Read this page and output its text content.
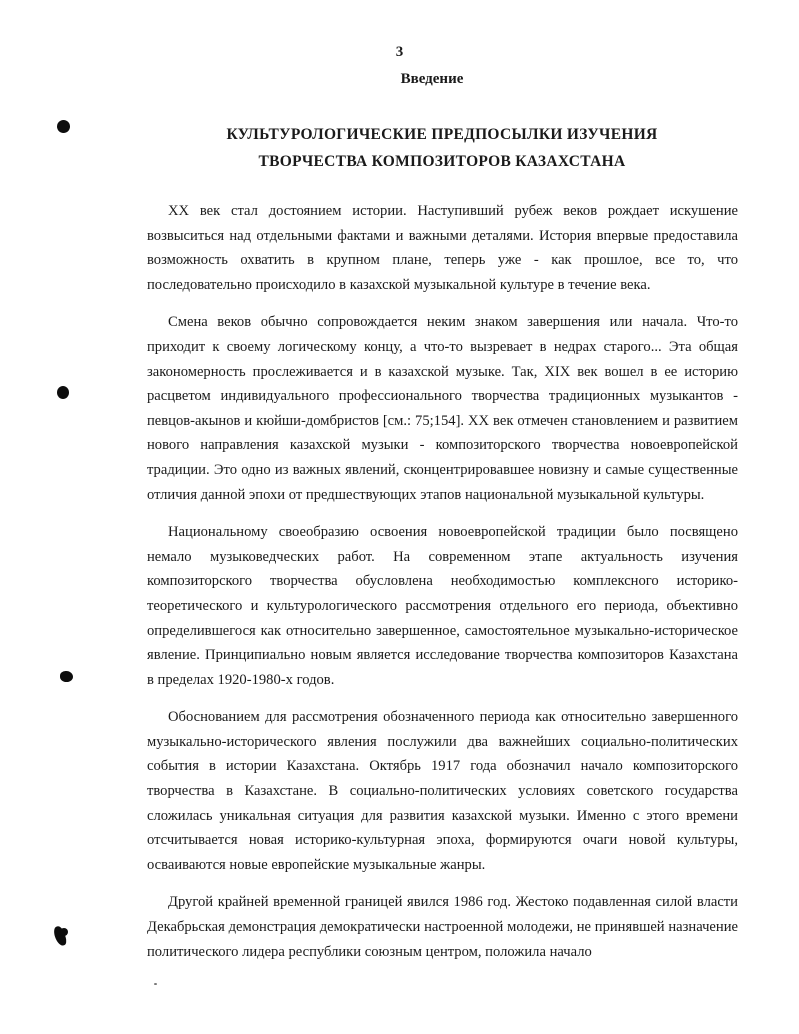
3
Введение
КУЛЬТУРОЛОГИЧЕСКИЕ ПРЕДПОСЫЛКИ ИЗУЧЕНИЯ
ТВОРЧЕСТВА КОМПОЗИТОРОВ КАЗАХСТАНА

XX век стал достоянием истории. Наступивший рубеж веков рождает искушение возвыситься над отдельными фактами и важными деталями. История впервые предоставила возможность охватить в крупном плане, теперь уже - как прошлое, все то, что последовательно происходило в казахской музыкальной культуре в течение века.

Смена веков обычно сопровождается неким знаком завершения или начала. Что-то приходит к своему логическому концу, а что-то вызревает в недрах старого... Эта общая закономерность прослеживается и в казахской музыке. Так, XIX век вошел в ее историю расцветом индивидуального профессионального творчества традиционных музыкантов - певцов-акынов и кюйши-домбристов [см.: 75;154]. XX век отмечен становлением и развитием нового направления казахской музыки - композиторского творчества новоевропейской традиции. Это одно из важных явлений, сконцентрировавшее новизну и самые существенные отличия данной эпохи от предшествующих этапов национальной музыкальной культуры.

Национальному своеобразию освоения новоевропейской традиции было посвящено немало музыковедческих работ. На современном этапе актуальность изучения композиторского творчества обусловлена необходимостью комплексного историко-теоретического и культурологического рассмотрения отдельного его периода, объективно определившегося как относительно завершенное, самостоятельное музыкально-историческое явление. Принципиально новым является исследование творчества композиторов Казахстана в пределах 1920-1980-х годов.

Обоснованием для рассмотрения обозначенного периода как относительно завершенного музыкально-исторического явления послужили два важнейших социально-политических события в истории Казахстана. Октябрь 1917 года обозначил начало композиторского творчества в Казахстане. В социально-политических условиях советского государства сложилась уникальная ситуация для развития казахской музыки. Именно с этого времени отсчитывается новая историко-культурная эпоха, формируются очаги новой культуры, осваиваются новые европейские музыкальные жанры.

Другой крайней временной границей явился 1986 год. Жестоко подавленная силой власти Декабрьская демонстрация демократически настроенной молодежи, не принявшей назначение политического лидера республики союзным центром, положила начало
